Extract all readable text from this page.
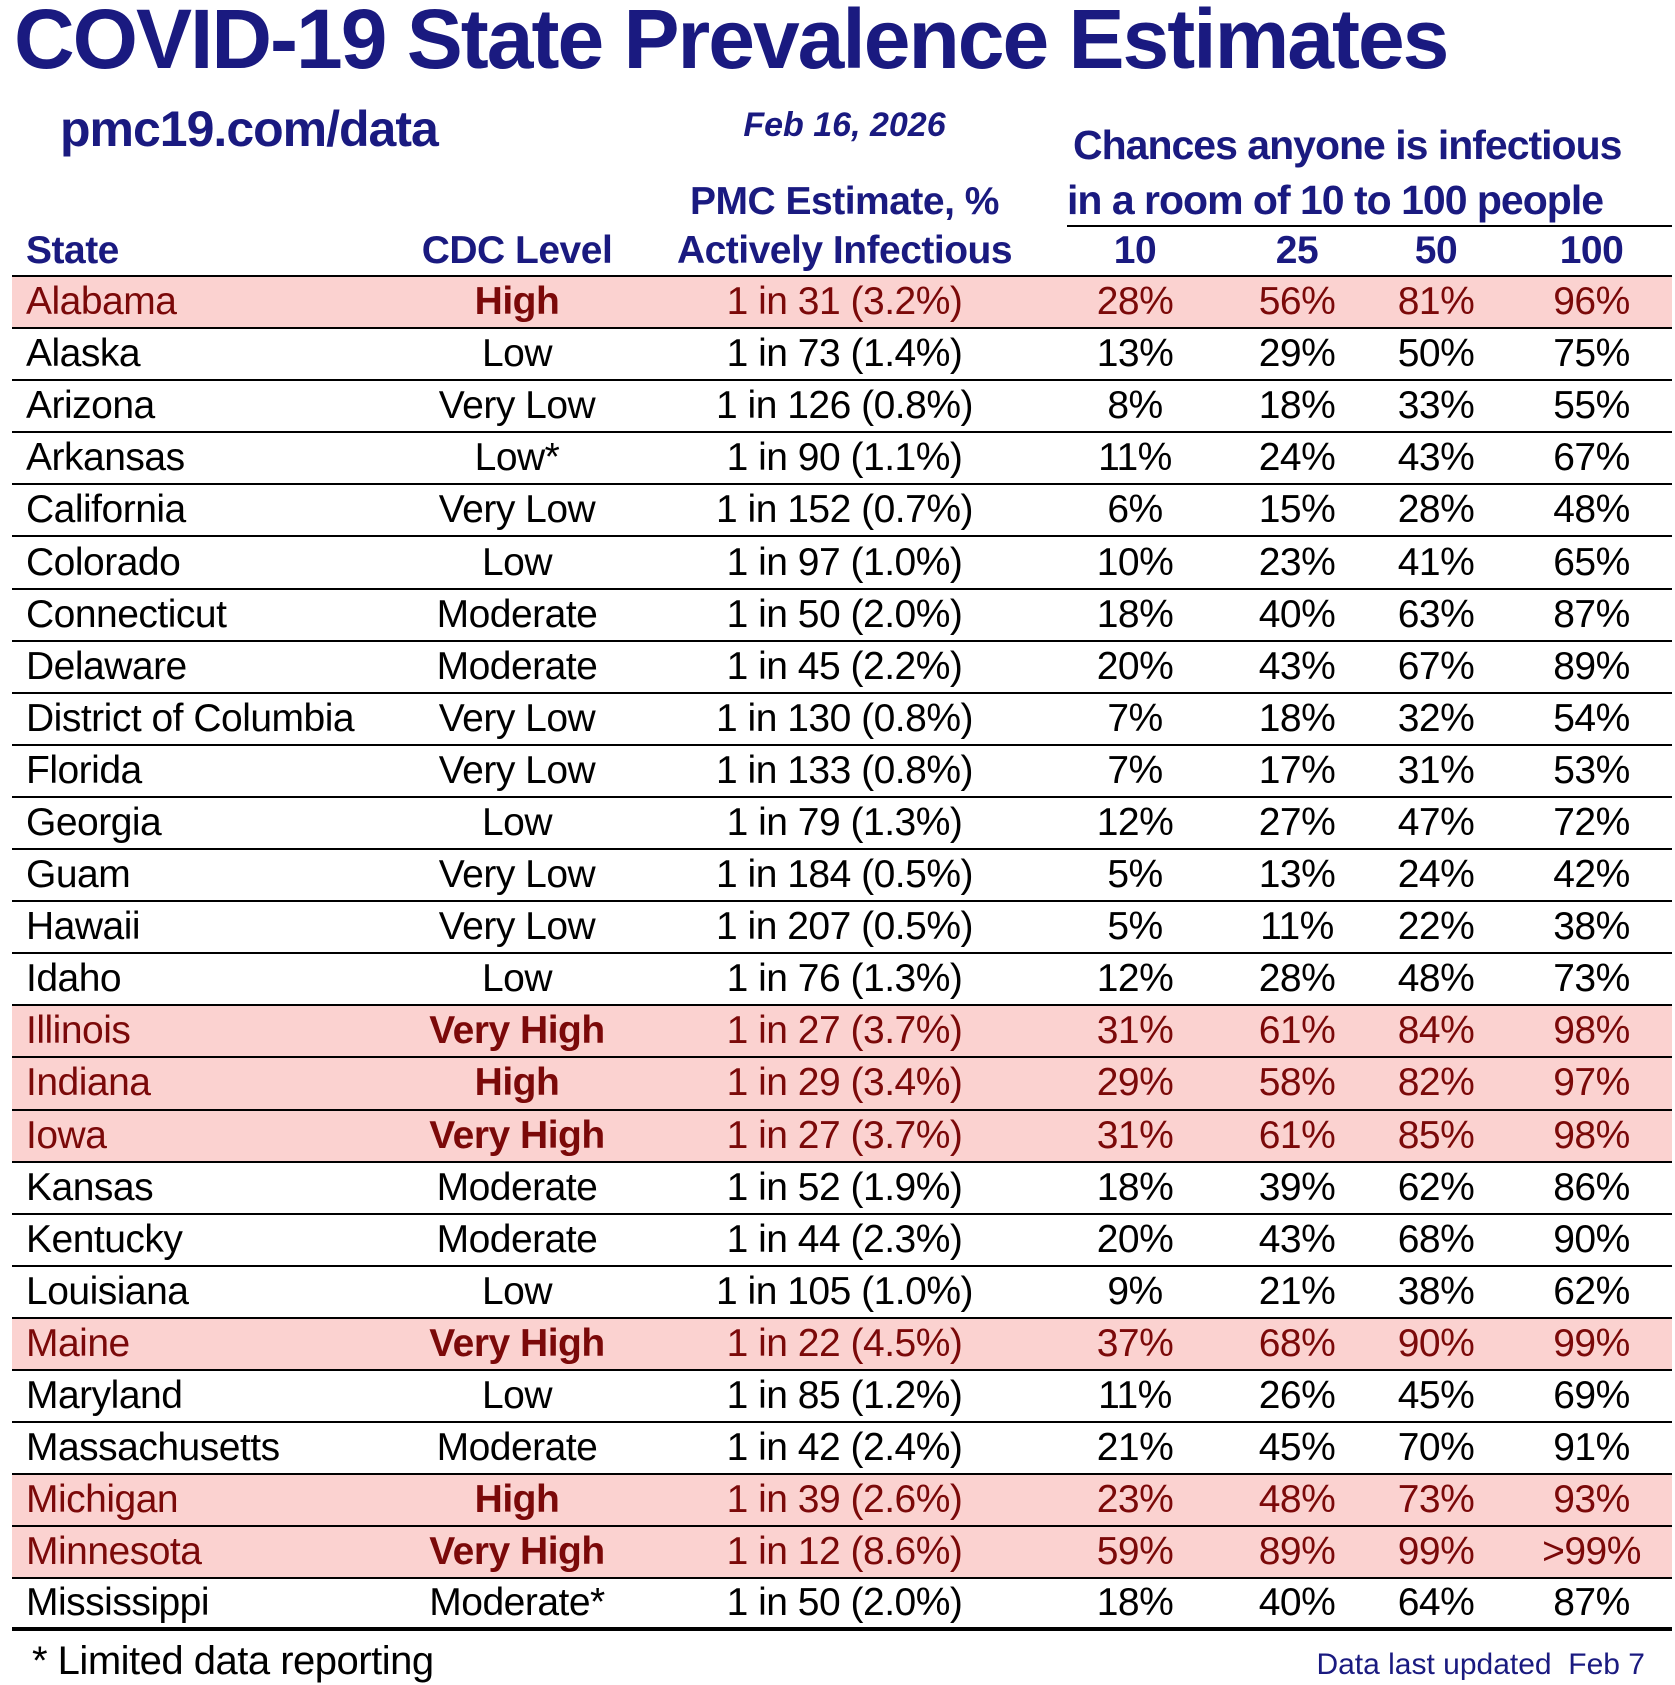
COVID-19 State Prevalence Estimates
pmc19.com/data	Feb 16, 2026
PMC Estimate, %
Chances anyone is infectious
in a room of 10 to 100 people
State	CDC Level	Actively Infectious	10	25	50	100
Alabama	High	1 in 31 (3.2%)	28%	56%	81%	96%
Alaska	Low	1 in 73 (1.4%)	13%	29%	50%	75%
Arizona	Very Low	1 in 126 (0.8%)	8%	18%	33%	55%
Arkansas	Low*	1 in 90 (1.1%)	11%	24%	43%	67%
California	Very Low	1 in 152 (0.7%)	6%	15%	28%	48%
Colorado	Low	1 in 97 (1.0%)	10%	23%	41%	65%
Connecticut	Moderate	1 in 50 (2.0%)	18%	40%	63%	87%
Delaware	Moderate	1 in 45 (2.2%)	20%	43%	67%	89%
District of Columbia	Very Low	1 in 130 (0.8%)	7%	18%	32%	54%
Florida	Very Low	1 in 133 (0.8%)	7%	17%	31%	53%
Georgia	Low	1 in 79 (1.3%)	12%	27%	47%	72%
Guam	Very Low	1 in 184 (0.5%)	5%	13%	24%	42%
Hawaii	Very Low	1 in 207 (0.5%)	5%	11%	22%	38%
Idaho	Low	1 in 76 (1.3%)	12%	28%	48%	73%
Illinois	Very High	1 in 27 (3.7%)	31%	61%	84%	98%
Indiana	High	1 in 29 (3.4%)	29%	58%	82%	97%
Iowa	Very High	1 in 27 (3.7%)	31%	61%	85%	98%
Kansas	Moderate	1 in 52 (1.9%)	18%	39%	62%	86%
Kentucky	Moderate	1 in 44 (2.3%)	20%	43%	68%	90%
Louisiana	Low	1 in 105 (1.0%)	9%	21%	38%	62%
Maine	Very High	1 in 22 (4.5%)	37%	68%	90%	99%
Maryland	Low	1 in 85 (1.2%)	11%	26%	45%	69%
Massachusetts	Moderate	1 in 42 (2.4%)	21%	45%	70%	91%
Michigan	High	1 in 39 (2.6%)	23%	48%	73%	93%
Minnesota	Very High	1 in 12 (8.6%)	59%	89%	99%	>99%
Mississippi	Moderate*	1 in 50 (2.0%)	18%	40%	64%	87%
* Limited data reporting	Data last updated  Feb 7
